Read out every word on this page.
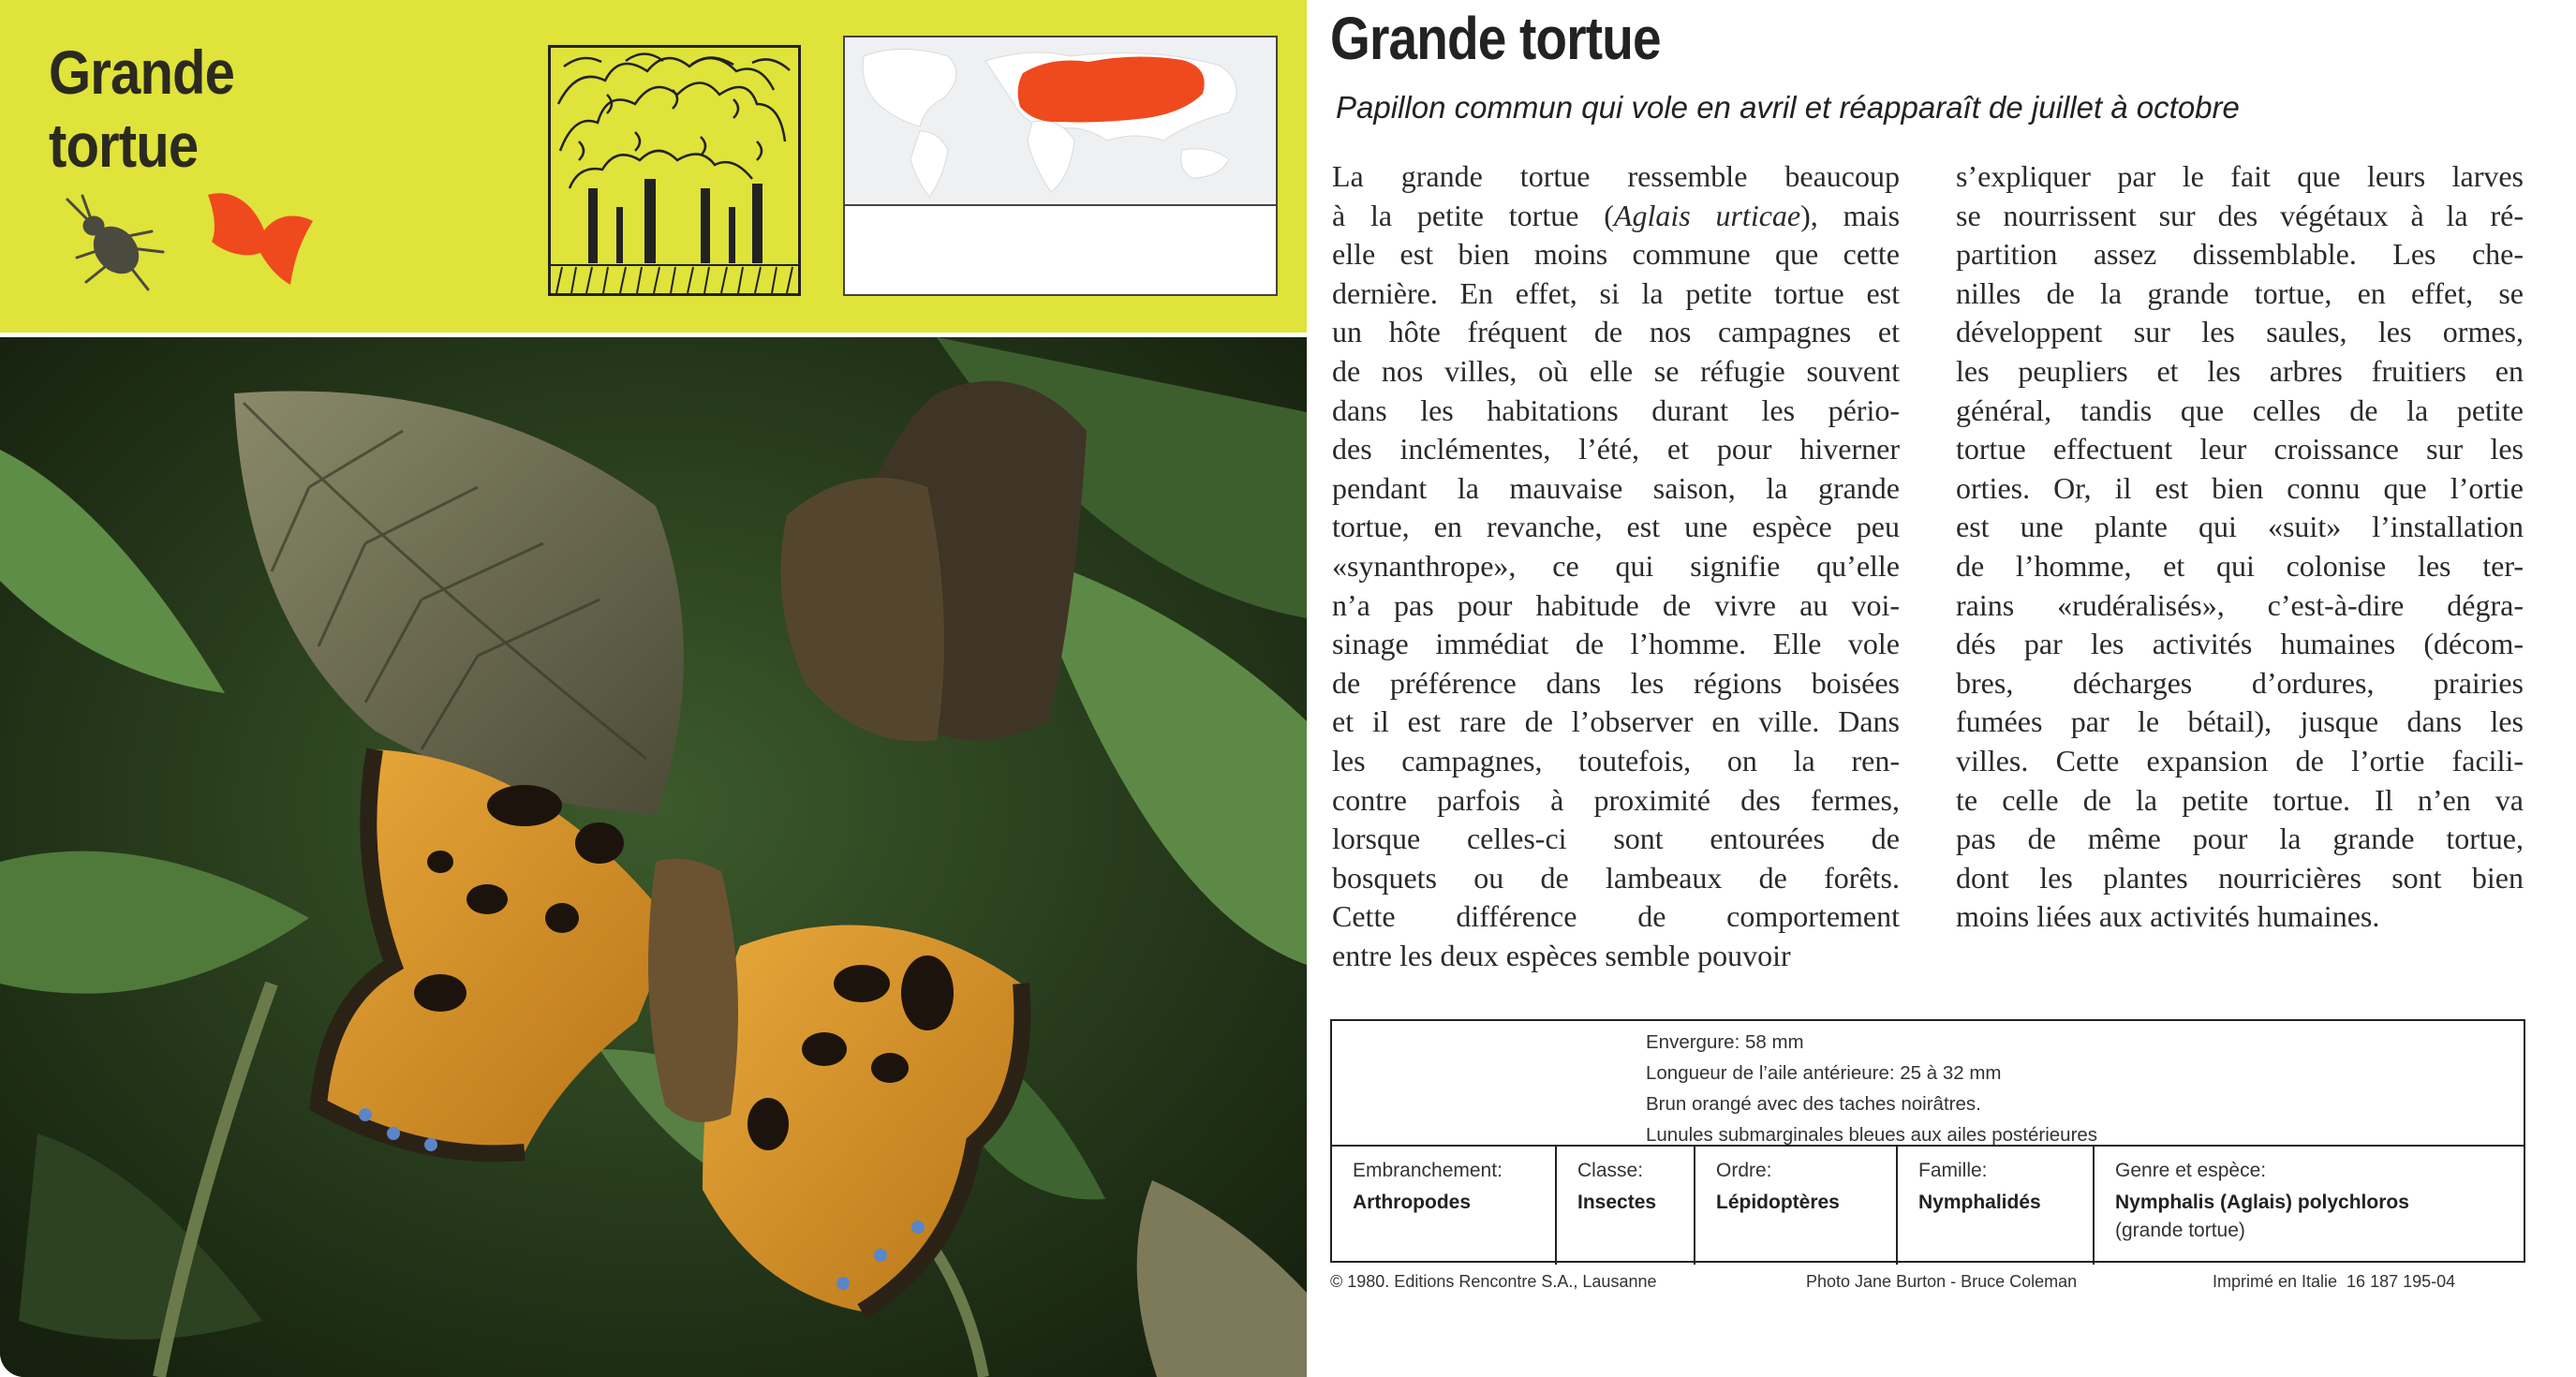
Grande
tortue
Grande tortue
Papillon commun qui vole en avril et réapparaît de juillet à octobre
La grande tortue ressemble beaucoup
à la petite tortue (Aglais urticae), mais
elle est bien moins commune que cette
dernière. En effet, si la petite tortue est
un hôte fréquent de nos campagnes et
de nos villes, où elle se réfugie souvent
dans les habitations durant les pério-
des inclémentes, l’été, et pour hiverner
pendant la mauvaise saison, la grande
tortue, en revanche, est une espèce peu
«synanthrope», ce qui signifie qu’elle
n’a pas pour habitude de vivre au voi-
sinage immédiat de l’homme. Elle vole
de préférence dans les régions boisées
et il est rare de l’observer en ville. Dans
les campagnes, toutefois, on la ren-
contre parfois à proximité des fermes,
lorsque celles-ci sont entourées de
bosquets ou de lambeaux de forêts.
Cette différence de comportement
entre les deux espèces semble pouvoir
s’expliquer par le fait que leurs larves
se nourrissent sur des végétaux à la ré-
partition assez dissemblable. Les che-
nilles de la grande tortue, en effet, se
développent sur les saules, les ormes,
les peupliers et les arbres fruitiers en
général, tandis que celles de la petite
tortue effectuent leur croissance sur les
orties. Or, il est bien connu que l’ortie
est une plante qui «suit» l’installation
de l’homme, et qui colonise les ter-
rains «rudéralisés», c’est-à-dire dégra-
dés par les activités humaines (décom-
bres, décharges d’ordures, prairies
fumées par le bétail), jusque dans les
villes. Cette expansion de l’ortie facili-
te celle de la petite tortue. Il n’en va
pas de même pour la grande tortue,
dont les plantes nourricières sont bien
moins liées aux activités humaines.
Envergure: 58 mm
Longueur de l’aile antérieure: 25 à 32 mm
Brun orangé avec des taches noirâtres.
Lunules submarginales bleues aux ailes postérieures
Embranchement:
Arthropodes
Classe:
Insectes
Ordre:
Lépidoptères
Famille:
Nymphalidés
Genre et espèce:
Nymphalis (Aglais) polychloros
(grande tortue)
© 1980. Editions Rencontre S.A., Lausanne	Photo Jane Burton - Bruce Coleman	Imprimé en Italie  16 187 195-04
